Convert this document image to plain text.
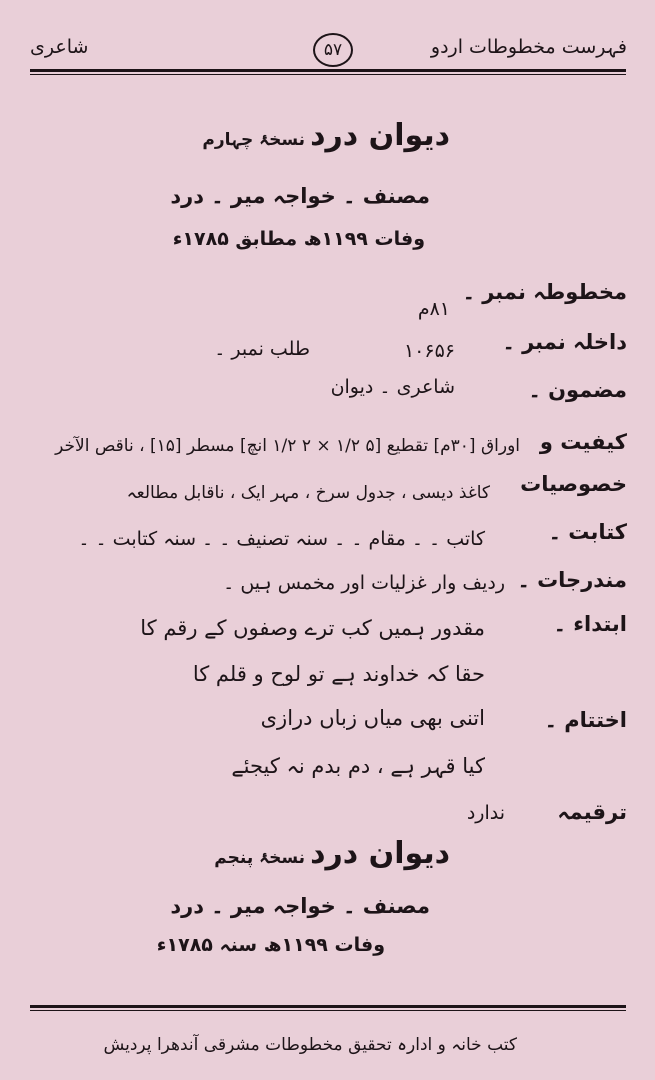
فہرست مخطوطات اردو
۵۷
شاعری
دیوان درد نسخۂ چہارم
مصنف ۔ خواجہ میر ۔ درد
وفات ۱۱۹۹ھ مطابق ۱۷۸۵ء
مخطوطہ نمبر ۔
۸۱م
داخلہ نمبر ۔
۱۰۶۵۶
طلب نمبر ۔
مضمون ۔
شاعری ۔ دیوان
کیفیت و
خصوصیات
اوراق [۳۰م] تقطیع [۵ ۱/۲ × ۲ ۱/۲ انچ] مسطر [۱۵] ، ناقص الآخر
کاغذ دیسی ، جدول سرخ ، مہر ایک ، ناقابل مطالعہ
کتابت ۔
کاتب ۔ ۔ مقام ۔ ۔ سنہ تصنیف ۔ ۔ سنہ کتابت ۔ ۔
مندرجات ۔
ردیف وار غزلیات اور مخمس ہیں ۔
ابتداء ۔
مقدور ہمیں کب ترے وصفوں کے رقم کا
حقا کہ خداوند ہے تو لوح و قلم کا
اختتام ۔
اتنی بھی میاں زباں درازی
کیا قہر ہے ، دم بدم نہ کیجئے
ترقیمہ
ندارد
دیوان درد نسخۂ پنجم
مصنف ۔ خواجہ میر ۔ درد
وفات ۱۱۹۹ھ سنہ ۱۷۸۵ء
کتب خانہ و ادارہ تحقیق مخطوطات مشرقی آندھرا پردیش
